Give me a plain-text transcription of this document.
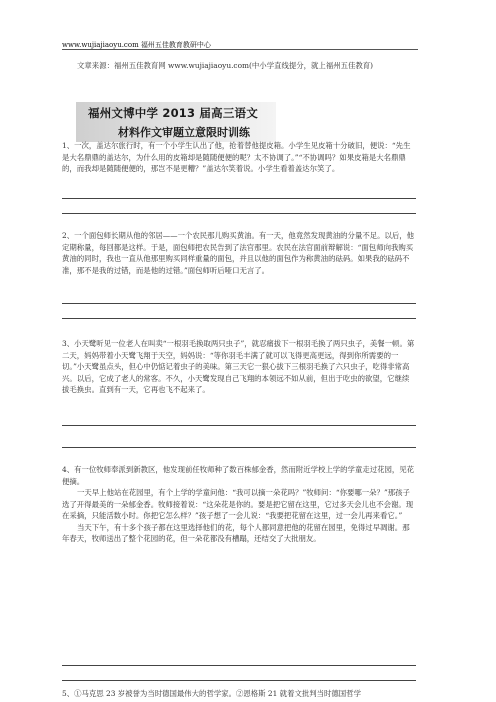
www.wujiajiaoyu.com 福州五佳教育教研中心
文章来源：福州五佳教育网 www.wujiajiaoyu.com(中小学直线提分，就上福州五佳教育)
福州文博中学 2013 届高三语文
材料作文审题立意限时训练

1、一次，盖达尔旅行时，有一个小学生认出了他，抢着替他提皮箱。小学生见皮箱十分破旧，便说：“先生是大名鼎鼎的盖达尔，为什么用的皮箱却是随随便便的呢？太不协调了。”“不协调吗？如果皮箱是大名鼎鼎的，而我却是随随便便的，那岂不是更糟？”盖达尔笑着说。小学生看着盖达尔笑了。

2、一个面包师长期从他的邻居——一个农民那儿购买黄油。有一天，他竟然发现黄油的分量不足。以后，他定期称量，每回都是这样。于是，面包师把农民告到了法官那里。农民在法官面前辩解说：“面包师向我购买黄油的同时，我也一直从他那里购买同样重量的面包，并且以他的面包作为称黄油的砝码。如果我的砝码不准，那不是我的过错，而是他的过错。”面包师听后哑口无言了。

3、小天鹭听见一位老人在叫卖“一根羽毛换取两只虫子”，就忍痛拔下一根羽毛换了两只虫子，美餐一顿。第二天，妈妈带着小天鹭飞翔于天空，妈妈说：“等你羽毛丰满了就可以飞得更高更远，得到你所需要的一切。”小天鹭虽点头，但心中仍惦记着虫子的美味。第三天它一狠心拔下三根羽毛换了六只虫子，吃得非常高兴。以后，它成了老人的常客。不久，小天鹭发现自己飞翔的本领远不如从前，但出于吃虫的欲望，它继续拔毛换虫。直到有一天，它再也飞不起来了。

4、有一位牧师奉派到新教区，他发现前任牧师种了数百株郁金香，然而附近学校上学的学童走过花园，见花便摘。

一天早上他站在花园里，有个上学的学童问他：“我可以摘一朵花吗？”牧师问：“你要哪一朵？”那孩子选了开得最美的一朵郁金香。牧师接着说：“这朵花是你的。要是把它留在这里，它过多天会儿也不会谢。现在采摘，只能活数小时。你把它怎么样？”孩子想了一会儿说：“我要把花留在这里，过一会儿再来看它。”

当天下午，有十多个孩子都在这里选择他们的花，每个人都同意把他的花留在园里，免得过早凋谢。那年春天，牧师送出了整个花园的花，但一朵花都没有槽蹋，还结交了大批朋友。

5、①马克思 23 岁被誉为当时德国最伟大的哲学家。②恩格斯 21 就着文批判当时德国哲学
